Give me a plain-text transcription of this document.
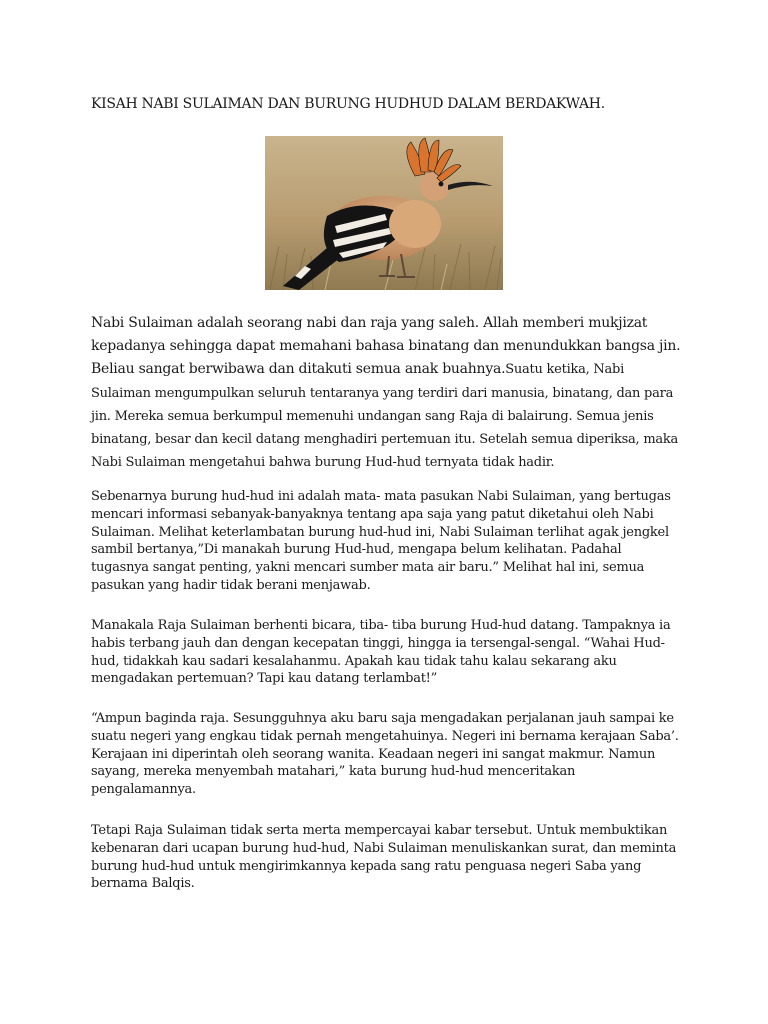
KISAH NABI SULAIMAN DAN BURUNG HUDHUD DALAM BERDAKWAH.

Nabi Sulaiman adalah seorang nabi dan raja yang saleh. Allah memberi mukjizat kepadanya sehingga dapat memahani bahasa binatang dan menundukkan bangsa jin. Beliau sangat berwibawa dan ditakuti semua anak buahnya.Suatu ketika, Nabi Sulaiman mengumpulkan seluruh tentaranya yang terdiri dari manusia, binatang, dan para jin. Mereka semua berkumpul memenuhi undangan sang Raja di balairung. Semua jenis binatang, besar dan kecil datang menghadiri pertemuan itu. Setelah semua diperiksa, maka Nabi Sulaiman mengetahui bahwa burung Hud-hud ternyata tidak hadir.

Sebenarnya burung hud-hud ini adalah mata- mata pasukan Nabi Sulaiman, yang bertugas mencari informasi sebanyak-banyaknya tentang apa saja yang patut diketahui oleh Nabi Sulaiman. Melihat keterlambatan burung hud-hud ini, Nabi Sulaiman terlihat agak jengkel sambil bertanya,”Di manakah burung Hud-hud, mengapa belum kelihatan. Padahal tugasnya sangat penting, yakni mencari sumber mata air baru.” Melihat hal ini, semua pasukan yang hadir tidak berani menjawab.

Manakala Raja Sulaiman berhenti bicara, tiba- tiba burung Hud-hud datang. Tampaknya ia habis terbang jauh dan dengan kecepatan tinggi, hingga ia tersengal-sengal. “Wahai Hud-hud, tidakkah kau sadari kesalahanmu. Apakah kau tidak tahu kalau sekarang aku mengadakan pertemuan? Tapi kau datang terlambat!”

“Ampun baginda raja. Sesungguhnya aku baru saja mengadakan perjalanan jauh sampai ke suatu negeri yang engkau tidak pernah mengetahuinya. Negeri ini bernama kerajaan Saba’. Kerajaan ini diperintah oleh seorang wanita. Keadaan negeri ini sangat makmur. Namun sayang, mereka menyembah matahari,” kata burung hud-hud menceritakan pengalamannya.

Tetapi Raja Sulaiman tidak serta merta mempercayai kabar tersebut. Untuk membuktikan kebenaran dari ucapan burung hud-hud, Nabi Sulaiman menuliskankan surat, dan meminta burung hud-hud untuk mengirimkannya kepada sang ratu penguasa negeri Saba yang bernama Balqis.
